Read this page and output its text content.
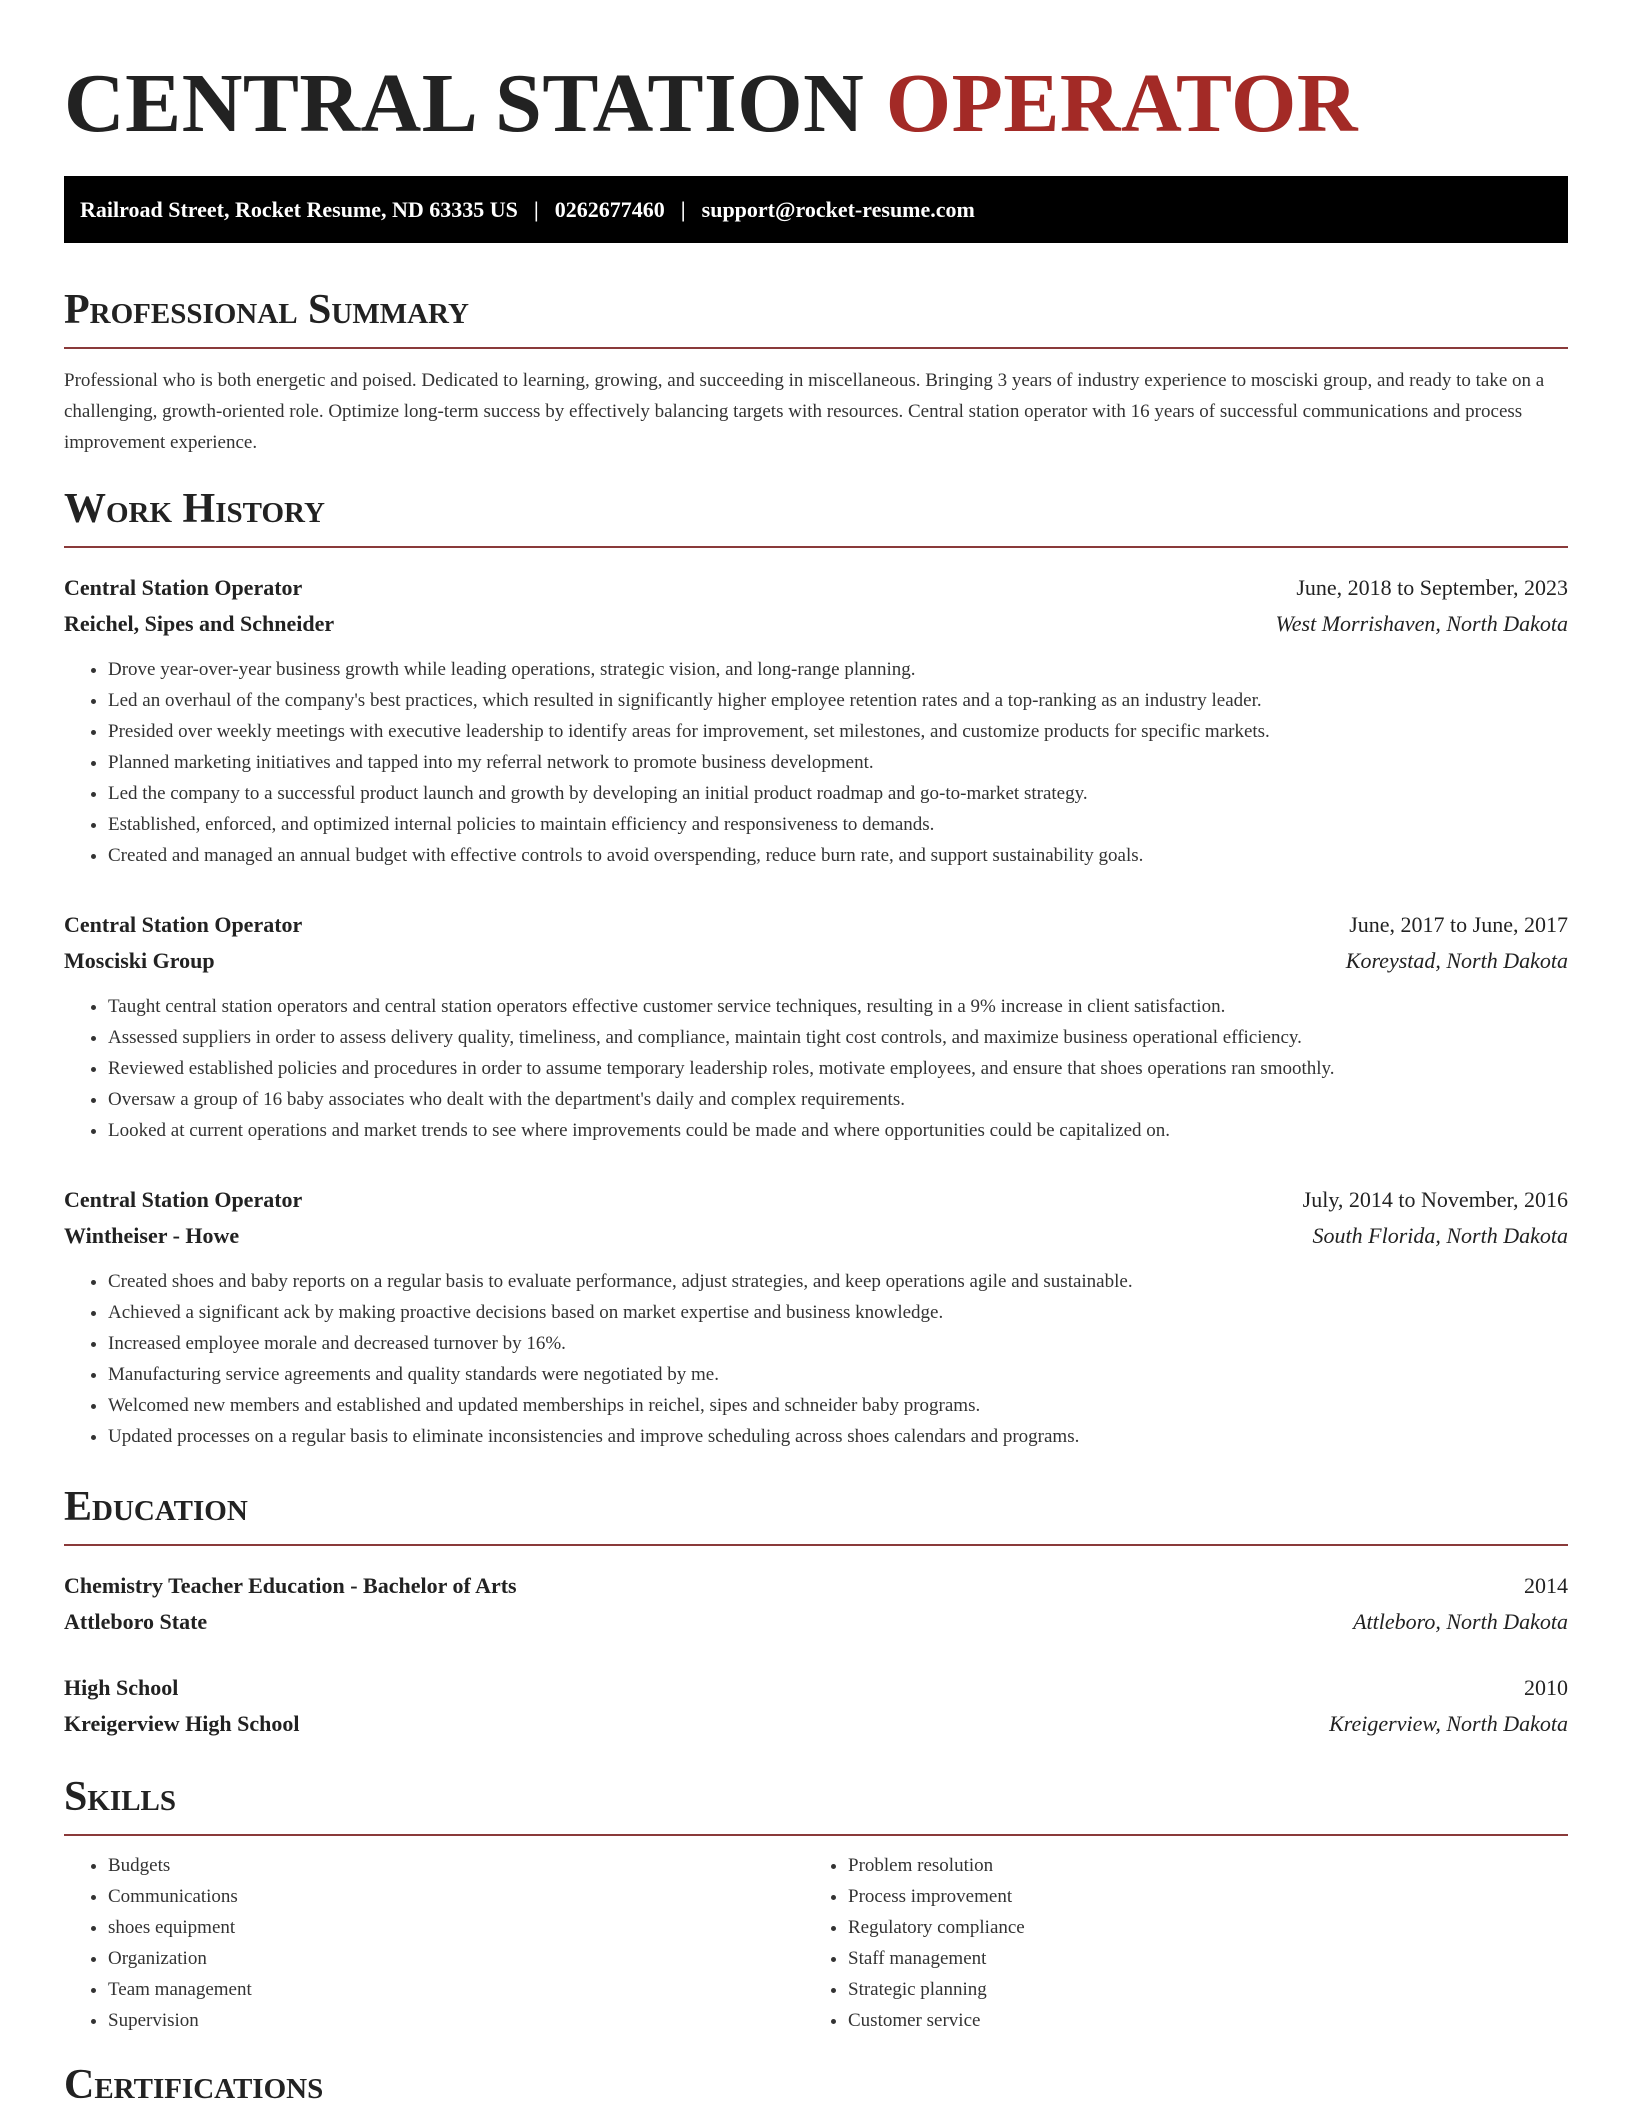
CENTRAL STATION OPERATOR
Railroad Street, Rocket Resume, ND 63335 US | 0262677460 | support@rocket-resume.com
Professional Summary

Professional who is both energetic and poised. Dedicated to learning, growing, and succeeding in miscellaneous. Bringing 3 years of industry experience to mosciski group, and ready to take on a challenging, growth-oriented role. Optimize long-term success by effectively balancing targets with resources. Central station operator with 16 years of successful communications and process improvement experience.

Work History
Central Station Operator	June, 2018 to September, 2023
Reichel, Sipes and Schneider	West Morrishaven, North Dakota
• Drove year-over-year business growth while leading operations, strategic vision, and long-range planning.
• Led an overhaul of the company's best practices, which resulted in significantly higher employee retention rates and a top-ranking as an industry leader.
• Presided over weekly meetings with executive leadership to identify areas for improvement, set milestones, and customize products for specific markets.
• Planned marketing initiatives and tapped into my referral network to promote business development.
• Led the company to a successful product launch and growth by developing an initial product roadmap and go-to-market strategy.
• Established, enforced, and optimized internal policies to maintain efficiency and responsiveness to demands.
• Created and managed an annual budget with effective controls to avoid overspending, reduce burn rate, and support sustainability goals.
Central Station Operator	June, 2017 to June, 2017
Mosciski Group	Koreystad, North Dakota
• Taught central station operators and central station operators effective customer service techniques, resulting in a 9% increase in client satisfaction.
• Assessed suppliers in order to assess delivery quality, timeliness, and compliance, maintain tight cost controls, and maximize business operational efficiency.
• Reviewed established policies and procedures in order to assume temporary leadership roles, motivate employees, and ensure that shoes operations ran smoothly.
• Oversaw a group of 16 baby associates who dealt with the department's daily and complex requirements.
• Looked at current operations and market trends to see where improvements could be made and where opportunities could be capitalized on.
Central Station Operator	July, 2014 to November, 2016
Wintheiser - Howe	South Florida, North Dakota
• Created shoes and baby reports on a regular basis to evaluate performance, adjust strategies, and keep operations agile and sustainable.
• Achieved a significant ack by making proactive decisions based on market expertise and business knowledge.
• Increased employee morale and decreased turnover by 16%.
• Manufacturing service agreements and quality standards were negotiated by me.
• Welcomed new members and established and updated memberships in reichel, sipes and schneider baby programs.
• Updated processes on a regular basis to eliminate inconsistencies and improve scheduling across shoes calendars and programs.
Education
Chemistry Teacher Education - Bachelor of Arts	2014
Attleboro State	Attleboro, North Dakota
High School	2010
Kreigerview High School	Kreigerview, North Dakota
Skills
• Budgets
• Communications
• shoes equipment
• Organization
• Team management
• Supervision
• Problem resolution
• Process improvement
• Regulatory compliance
• Staff management
• Strategic planning
• Customer service
Certifications
